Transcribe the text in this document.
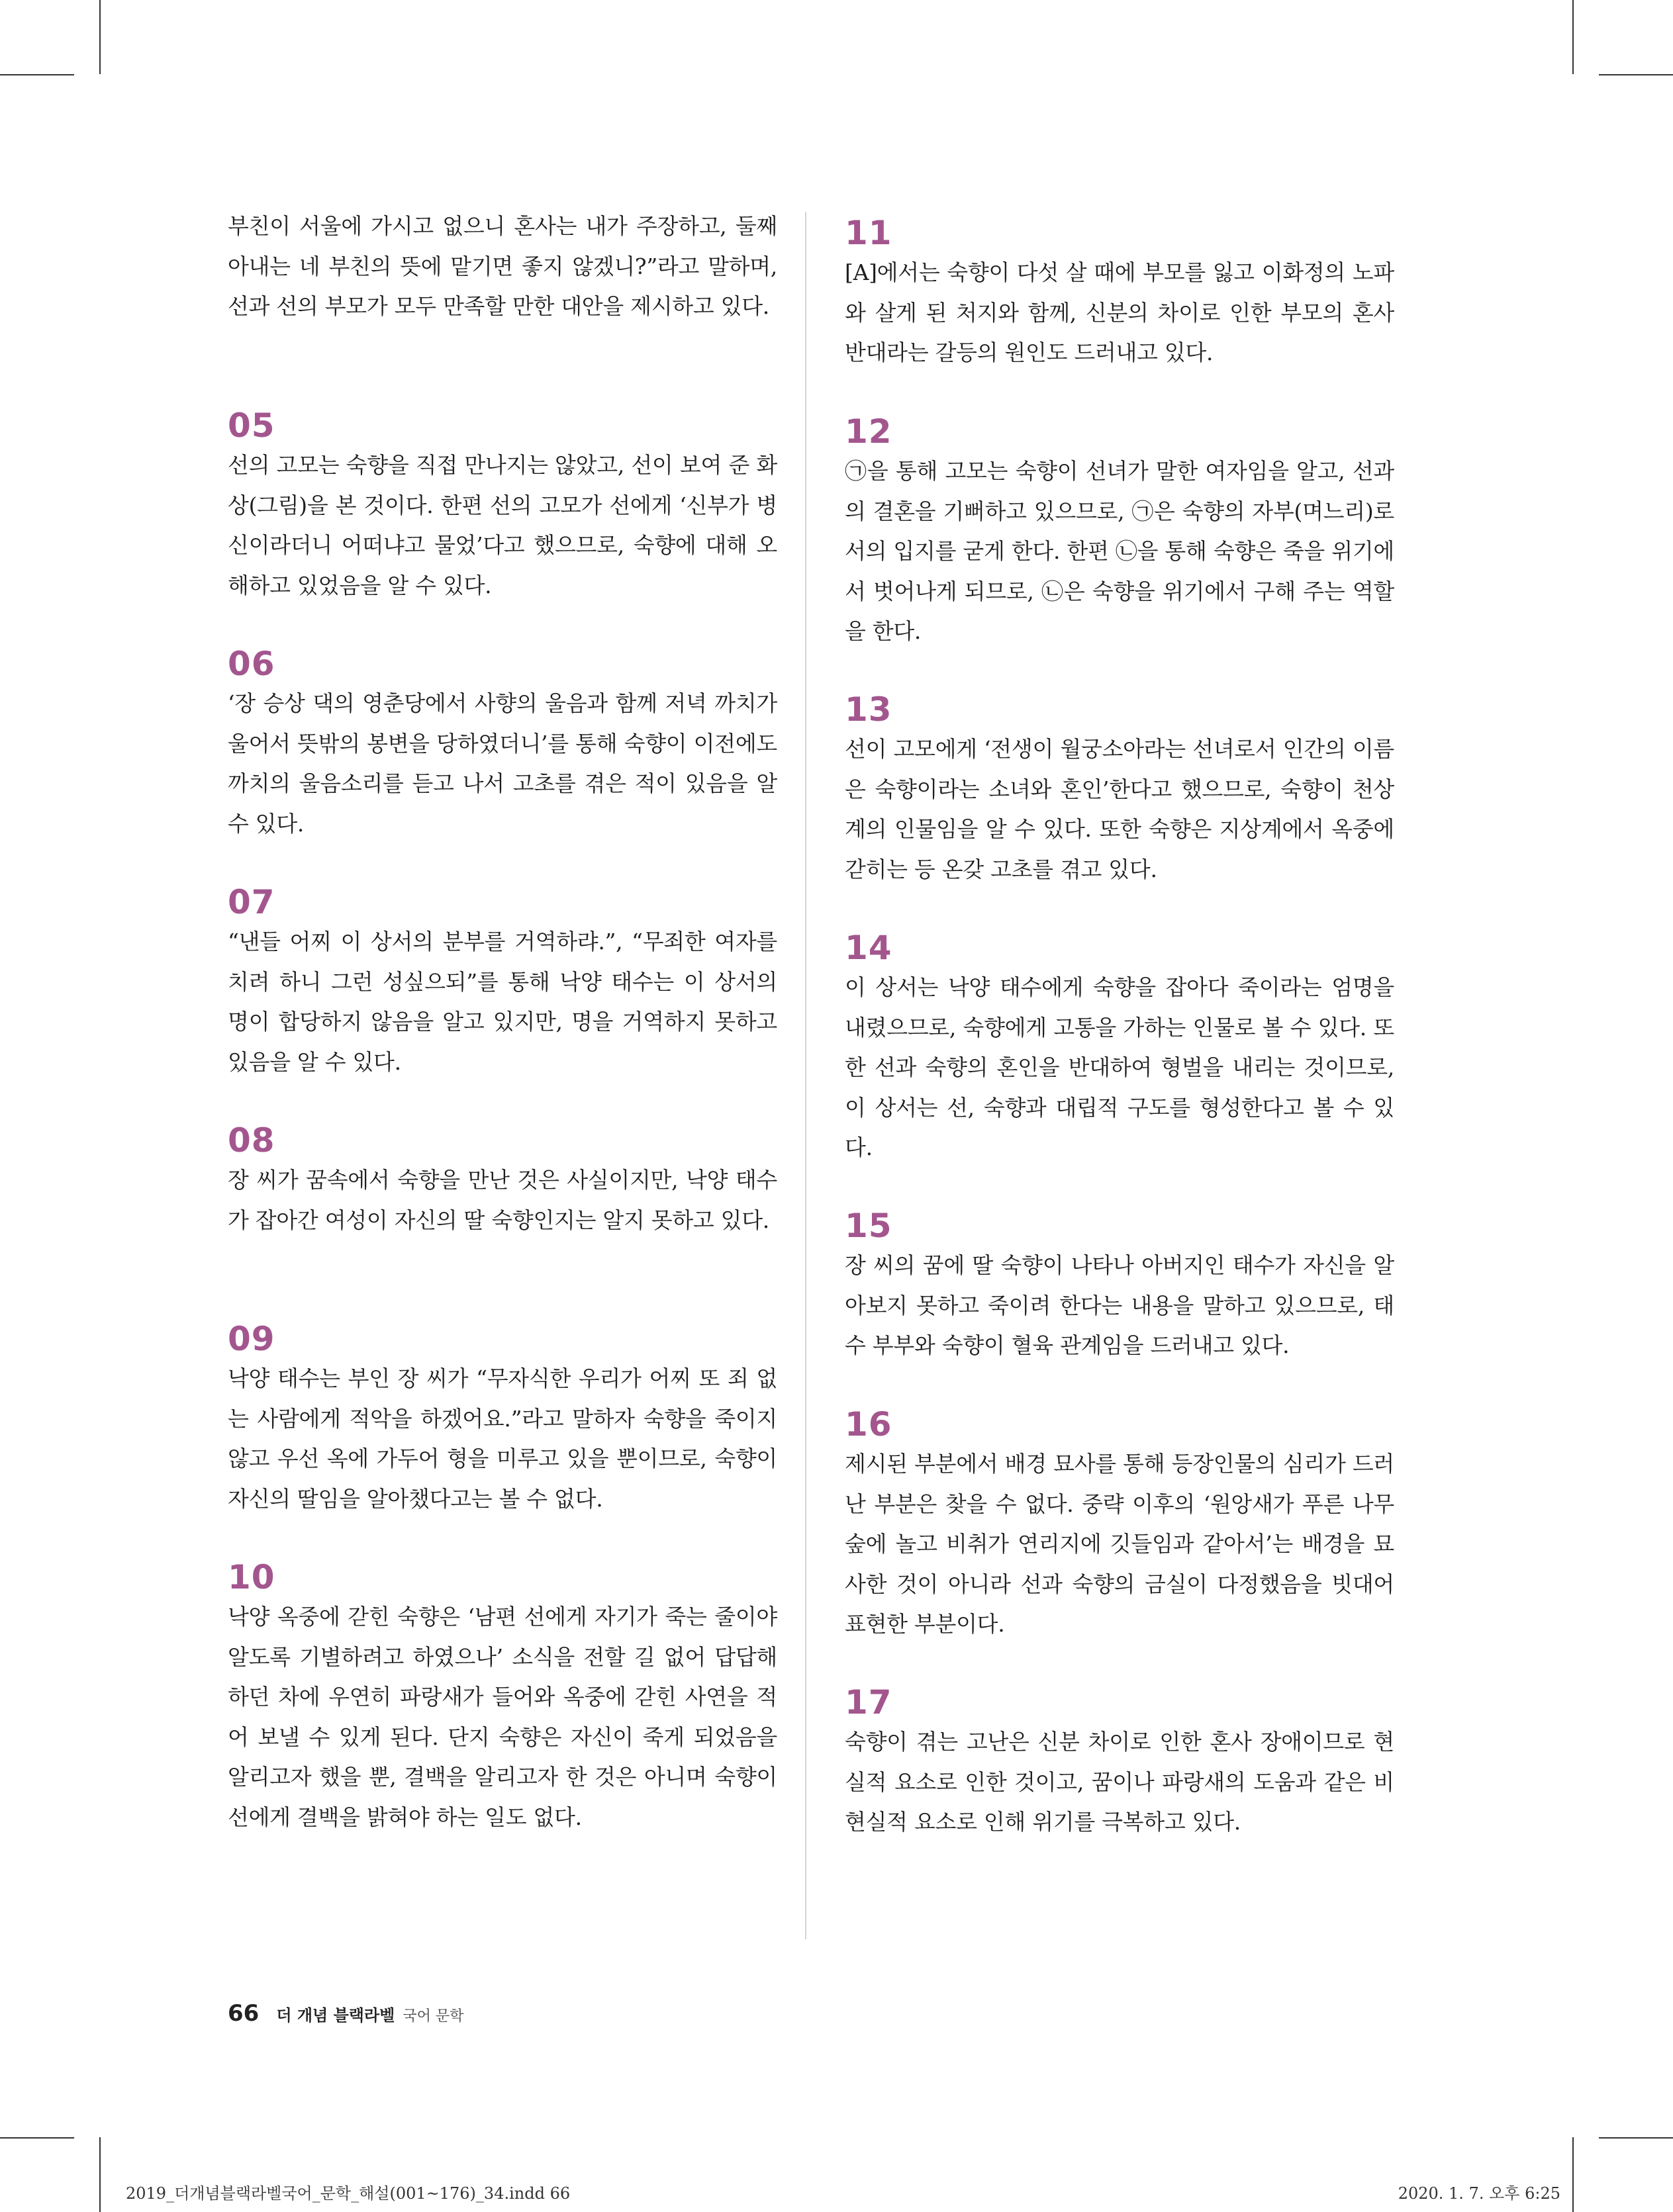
부친이 서울에 가시고 없으니 혼사는 내가 주장하고, 둘째 아내는 네 부친의 뜻에 맡기면 좋지 않겠니?”라고 말하며, 선과 선의 부모가 모두 만족할 만한 대안을 제시하고 있다.
05
선의 고모는 숙향을 직접 만나지는 않았고, 선이 보여 준 화상(그림)을 본 것이다. 한편 선의 고모가 선에게 ‘신부가 병신이라더니 어떠냐고 물었’다고 했으므로, 숙향에 대해 오해하고 있었음을 알 수 있다.
06
‘장 승상 댁의 영춘당에서 사향의 울음과 함께 저녁 까치가 울어서 뜻밖의 봉변을 당하였더니’를 통해 숙향이 이전에도 까치의 울음소리를 듣고 나서 고초를 겪은 적이 있음을 알 수 있다.
07
“낸들 어찌 이 상서의 분부를 거역하랴.”, “무죄한 여자를 치려 하니 그런 성싶으되”를 통해 낙양 태수는 이 상서의 명이 합당하지 않음을 알고 있지만, 명을 거역하지 못하고 있음을 알 수 있다.
08
장 씨가 꿈속에서 숙향을 만난 것은 사실이지만, 낙양 태수가 잡아간 여성이 자신의 딸 숙향인지는 알지 못하고 있다.
09
낙양 태수는 부인 장 씨가 “무자식한 우리가 어찌 또 죄 없는 사람에게 적악을 하겠어요.”라고 말하자 숙향을 죽이지 않고 우선 옥에 가두어 형을 미루고 있을 뿐이므로, 숙향이 자신의 딸임을 알아챘다고는 볼 수 없다.
10
낙양 옥중에 갇힌 숙향은 ‘남편 선에게 자기가 죽는 줄이야 알도록 기별하려고 하였으나’ 소식을 전할 길 없어 답답해하던 차에 우연히 파랑새가 들어와 옥중에 갇힌 사연을 적어 보낼 수 있게 된다. 단지 숙향은 자신이 죽게 되었음을 알리고자 했을 뿐, 결백을 알리고자 한 것은 아니며 숙향이 선에게 결백을 밝혀야 하는 일도 없다.
11
[A]에서는 숙향이 다섯 살 때에 부모를 잃고 이화정의 노파와 살게 된 처지와 함께, 신분의 차이로 인한 부모의 혼사 반대라는 갈등의 원인도 드러내고 있다.
12
㉠을 통해 고모는 숙향이 선녀가 말한 여자임을 알고, 선과의 결혼을 기뻐하고 있으므로, ㉠은 숙향의 자부(며느리)로서의 입지를 굳게 한다. 한편 ㉡을 통해 숙향은 죽을 위기에서 벗어나게 되므로, ㉡은 숙향을 위기에서 구해 주는 역할을 한다.
13
선이 고모에게 ‘전생이 월궁소아라는 선녀로서 인간의 이름은 숙향이라는 소녀와 혼인’한다고 했으므로, 숙향이 천상계의 인물임을 알 수 있다. 또한 숙향은 지상계에서 옥중에 갇히는 등 온갖 고초를 겪고 있다.
14
이 상서는 낙양 태수에게 숙향을 잡아다 죽이라는 엄명을 내렸으므로, 숙향에게 고통을 가하는 인물로 볼 수 있다. 또한 선과 숙향의 혼인을 반대하여 형벌을 내리는 것이므로, 이 상서는 선, 숙향과 대립적 구도를 형성한다고 볼 수 있다.
15
장 씨의 꿈에 딸 숙향이 나타나 아버지인 태수가 자신을 알아보지 못하고 죽이려 한다는 내용을 말하고 있으므로, 태수 부부와 숙향이 혈육 관계임을 드러내고 있다.
16
제시된 부분에서 배경 묘사를 통해 등장인물의 심리가 드러난 부분은 찾을 수 없다. 중략 이후의 ‘원앙새가 푸른 나무숲에 놀고 비취가 연리지에 깃들임과 같아서’는 배경을 묘사한 것이 아니라 선과 숙향의 금실이 다정했음을 빗대어 표현한 부분이다.
17
숙향이 겪는 고난은 신분 차이로 인한 혼사 장애이므로 현실적 요소로 인한 것이고, 꿈이나 파랑새의 도움과 같은 비현실적 요소로 인해 위기를 극복하고 있다.
66 더 개념 블랙라벨 국어 문학
2019_더개념블랙라벨국어_문학_해설(001~176)_34.indd 66	2020. 1. 7. 오후 6:25
